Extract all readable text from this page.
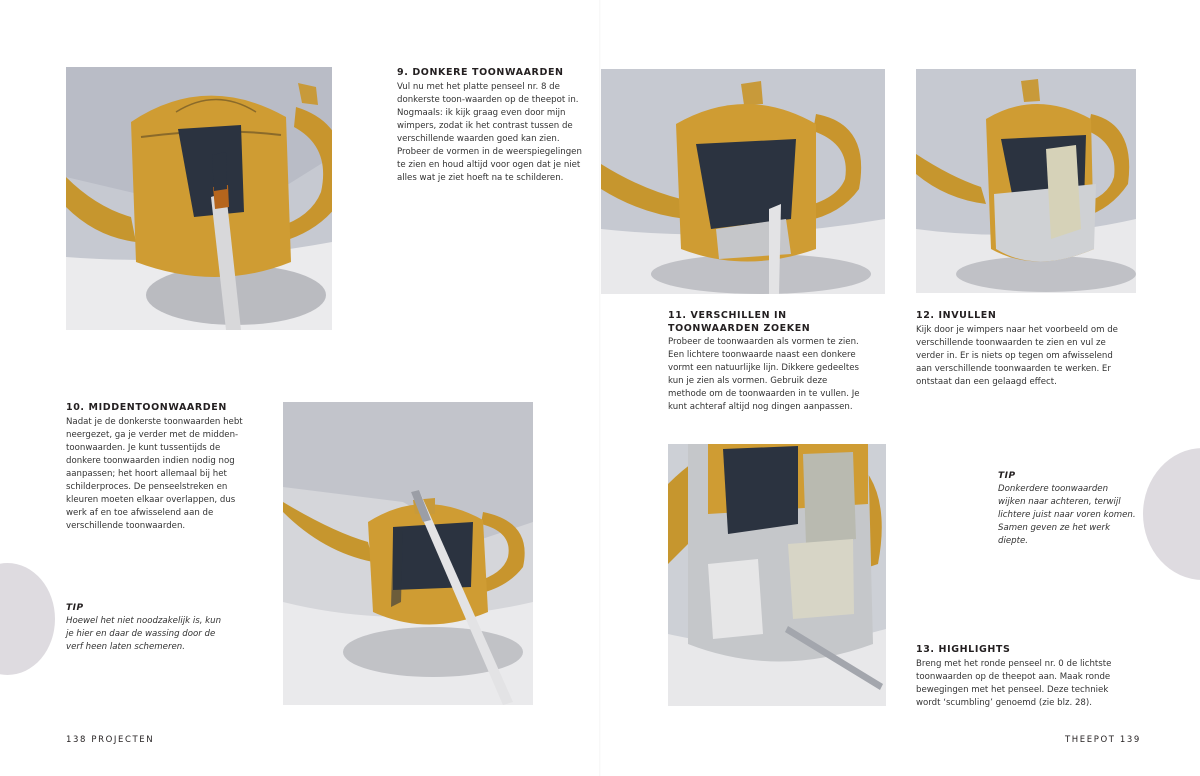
9. DONKERE TOONWAARDEN

Vul nu met het platte penseel nr. 8 de donkerste toon-waarden op de theepot in. Nogmaals: ik kijk graag even door mijn wimpers, zodat ik het contrast tussen de verschillende waarden goed kan zien. Probeer de vormen in de weerspiegelingen te zien en houd altijd voor ogen dat je niet alles wat je ziet hoeft na te schilderen.

10. MIDDENTOONWAARDEN

Nadat je de donkerste toonwaarden hebt neergezet, ga je verder met de midden-toonwaarden. Je kunt tussentijds de donkere toonwaarden indien nodig nog aanpassen; het hoort allemaal bij het schilderproces. De penseelstreken en kleuren moeten elkaar overlappen, dus werk af en toe afwisselend aan de verschillende toonwaarden.

TIP

Hoewel het niet noodzakelijk is, kun je hier en daar de wassing door de verf heen laten schemeren.

138 PROJECTEN
11. VERSCHILLEN IN TOONWAARDEN ZOEKEN

Probeer de toonwaarden als vormen te zien. Een lichtere toonwaarde naast een donkere vormt een natuurlijke lijn. Dikkere gedeeltes kun je zien als vormen. Gebruik deze methode om de toonwaarden in te vullen. Je kunt achteraf altijd nog dingen aanpassen.

12. INVULLEN

Kijk door je wimpers naar het voorbeeld om de verschillende toonwaarden te zien en vul ze verder in. Er is niets op tegen om afwisselend aan verschillende toonwaarden te werken. Er ontstaat dan een gelaagd effect.

TIP

Donkerdere toonwaarden wijken naar achteren, terwijl lichtere juist naar voren komen. Samen geven ze het werk diepte.

13. HIGHLIGHTS

Breng met het ronde penseel nr. 0 de lichtste toonwaarden op de theepot aan. Maak ronde bewegingen met het penseel. Deze techniek wordt ‘scumbling’ genoemd (zie blz. 28).

THEEPOT 139
